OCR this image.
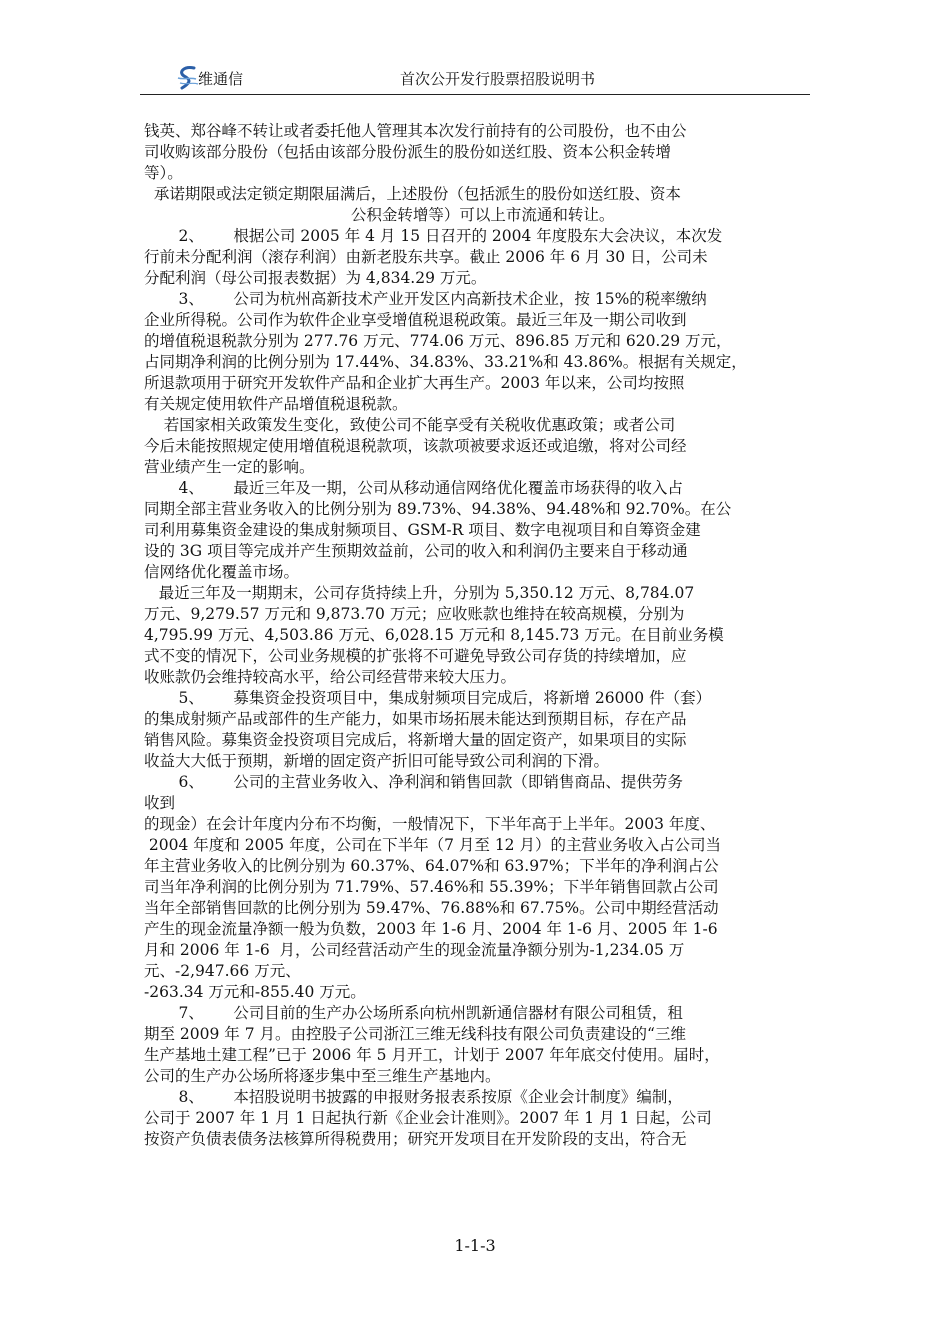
维通信	首次公开发行股票招股说明书
钱英、郑谷峰不转让或者委托他人管理其本次发行前持有的公司股份，也不由公
司收购该部分股份（包括由该部分股份派生的股份如送红股、资本公积金转增
等）。
承诺期限或法定锁定期限届满后，上述股份（包括派生的股份如送红股、资本
公积金转增等）可以上市流通和转让。
2、      根据公司 2005 年 4 月 15 日召开的 2004 年度股东大会决议，本次发
行前未分配利润（滚存利润）由新老股东共享。截止 2006 年 6 月 30 日，公司未
分配利润（母公司报表数据）为 4,834.29 万元。
3、      公司为杭州高新技术产业开发区内高新技术企业，按 15%的税率缴纳
企业所得税。公司作为软件企业享受增值税退税政策。最近三年及一期公司收到
的增值税退税款分别为 277.76 万元、774.06 万元、896.85 万元和 620.29 万元，
占同期净利润的比例分别为 17.44%、34.83%、33.21%和 43.86%。根据有关规定，
所退款项用于研究开发软件产品和企业扩大再生产。2003 年以来，公司均按照
有关规定使用软件产品增值税退税款。
若国家相关政策发生变化，致使公司不能享受有关税收优惠政策；或者公司
今后未能按照规定使用增值税退税款项，该款项被要求返还或追缴，将对公司经
营业绩产生一定的影响。
4、      最近三年及一期，公司从移动通信网络优化覆盖市场获得的收入占
同期全部主营业务收入的比例分别为 89.73%、94.38%、94.48%和 92.70%。在公
司利用募集资金建设的集成射频项目、GSM-R 项目、数字电视项目和自筹资金建
设的 3G 项目等完成并产生预期效益前，公司的收入和利润仍主要来自于移动通
信网络优化覆盖市场。
最近三年及一期期末，公司存货持续上升，分别为 5,350.12 万元、8,784.07
万元、9,279.57 万元和 9,873.70 万元；应收账款也维持在较高规模，分别为
4,795.99 万元、4,503.86 万元、6,028.15 万元和 8,145.73 万元。在目前业务模
式不变的情况下，公司业务规模的扩张将不可避免导致公司存货的持续增加，应
收账款仍会维持较高水平，给公司经营带来较大压力。
5、      募集资金投资项目中，集成射频项目完成后，将新增 26000 件（套）
的集成射频产品或部件的生产能力，如果市场拓展未能达到预期目标，存在产品
销售风险。募集资金投资项目完成后，将新增大量的固定资产，如果项目的实际
收益大大低于预期，新增的固定资产折旧可能导致公司利润的下滑。
6、      公司的主营业务收入、净利润和销售回款（即销售商品、提供劳务
收到
的现金）在会计年度内分布不均衡，一般情况下，下半年高于上半年。2003 年度、
2004 年度和 2005 年度，公司在下半年（7 月至 12 月）的主营业务收入占公司当
年主营业务收入的比例分别为 60.37%、64.07%和 63.97%；下半年的净利润占公
司当年净利润的比例分别为 71.79%、57.46%和 55.39%；下半年销售回款占公司
当年全部销售回款的比例分别为 59.47%、76.88%和 67.75%。公司中期经营活动
产生的现金流量净额一般为负数，2003 年 1-6 月、2004 年 1-6 月、2005 年 1-6
月和 2006 年 1-6  月，公司经营活动产生的现金流量净额分别为-1,234.05 万
元、-2,947.66 万元、
-263.34 万元和-855.40 万元。
7、      公司目前的生产办公场所系向杭州凯新通信器材有限公司租赁，租
期至 2009 年 7 月。由控股子公司浙江三维无线科技有限公司负责建设的“三维
生产基地土建工程”已于 2006 年 5 月开工，计划于 2007 年年底交付使用。届时，
公司的生产办公场所将逐步集中至三维生产基地内。
8、      本招股说明书披露的申报财务报表系按原《企业会计制度》编制，
公司于 2007 年 1 月 1 日起执行新《企业会计准则》。2007 年 1 月 1 日起，公司
按资产负债表债务法核算所得税费用；研究开发项目在开发阶段的支出，符合无
1-1-3
